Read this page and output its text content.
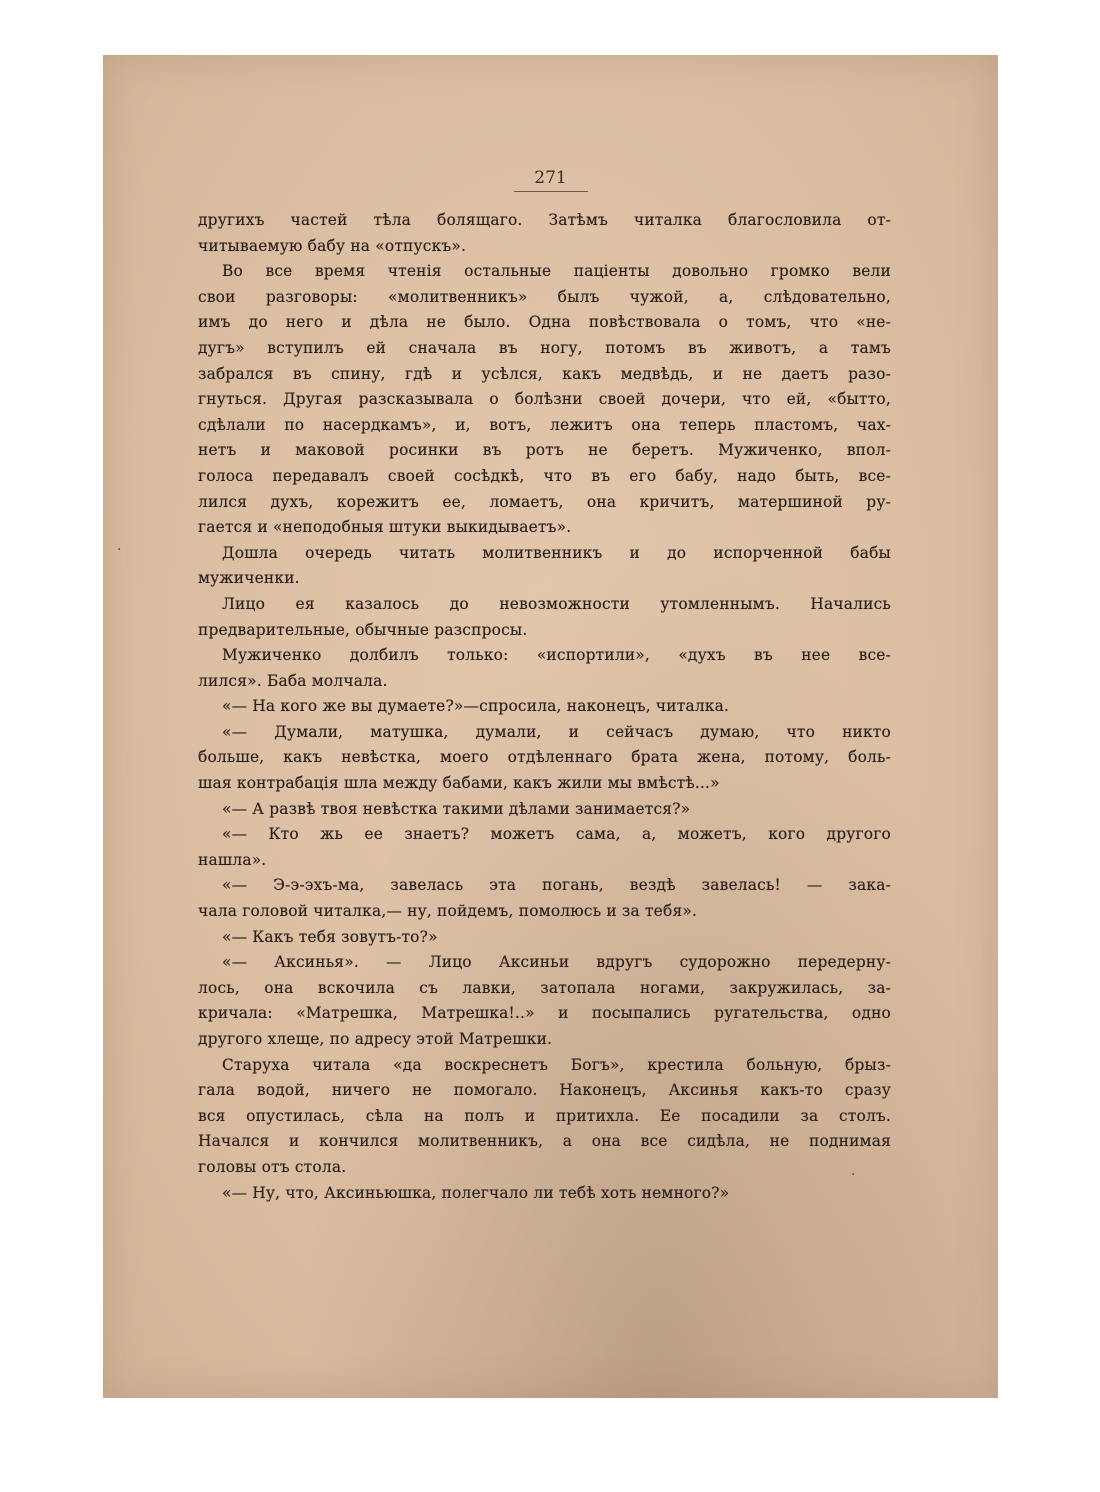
271
другихъ частей тѣла болящаго. Затѣмъ читалка благословила от-
читываемую бабу на «отпускъ».
Во все время чтенія остальные паціенты довольно громко вели
свои разговоры: «молитвенникъ» былъ чужой, а, слѣдовательно,
имъ до него и дѣла не было. Одна повѣствовала о томъ, что «не-
дугъ» вступилъ ей сначала въ ногу, потомъ въ животъ, а тамъ
забрался въ спину, гдѣ и усѣлся, какъ медвѣдь, и не даетъ разо-
гнуться. Другая разсказывала о болѣзни своей дочери, что ей, «бытто,
сдѣлали по насердкамъ», и, вотъ, лежитъ она теперь пластомъ, чах-
нетъ и маковой росинки въ ротъ не беретъ. Мужиченко, впол-
голоса передавалъ своей сосѣдкѣ, что въ его бабу, надо быть, все-
лился духъ, корежитъ ее, ломаетъ, она кричитъ, матершиной ру-
гается и «неподобныя штуки выкидываетъ».
Дошла очередь читать молитвенникъ и до испорченной бабы
мужиченки.
Лицо ея казалось до невозможности утомленнымъ. Начались
предварительные, обычные разспросы.
Мужиченко долбилъ только: «испортили», «духъ въ нее все-
лился». Баба молчала.
«— На кого же вы думаете?»—спросила, наконецъ, читалка.
«— Думали, матушка, думали, и сейчасъ думаю, что никто
больше, какъ невѣстка, моего отдѣленнаго брата жена, потому, боль-
шая контрабація шла между бабами, какъ жили мы вмѣстѣ...»
«— А развѣ твоя невѣстка такими дѣлами занимается?»
«— Кто жь ее знаетъ? можетъ сама, а, можетъ, кого другого
нашла».
«— Э-э-эхъ-ма, завелась эта погань, вездѣ завелась! — зака-
чала головой читалка,— ну, пойдемъ, помолюсь и за тебя».
«— Какъ тебя зовутъ-то?»
«— Аксинья». — Лицо Аксиньи вдругъ судорожно передерну-
лось, она вскочила съ лавки, затопала ногами, закружилась, за-
кричала: «Матрешка, Матрешка!..» и посыпались ругательства, одно
другого хлеще, по адресу этой Матрешки.
Старуха читала «да воскреснетъ Богъ», крестила больную, брыз-
гала водой, ничего не помогало. Наконецъ, Аксинья какъ-то сразу
вся опустилась, сѣла на полъ и притихла. Ее посадили за столъ.
Начался и кончился молитвенникъ, а она все сидѣла, не поднимая
головы отъ стола.
«— Ну, что, Аксиньюшка, полегчало ли тебѣ хоть немного?»
·
·
